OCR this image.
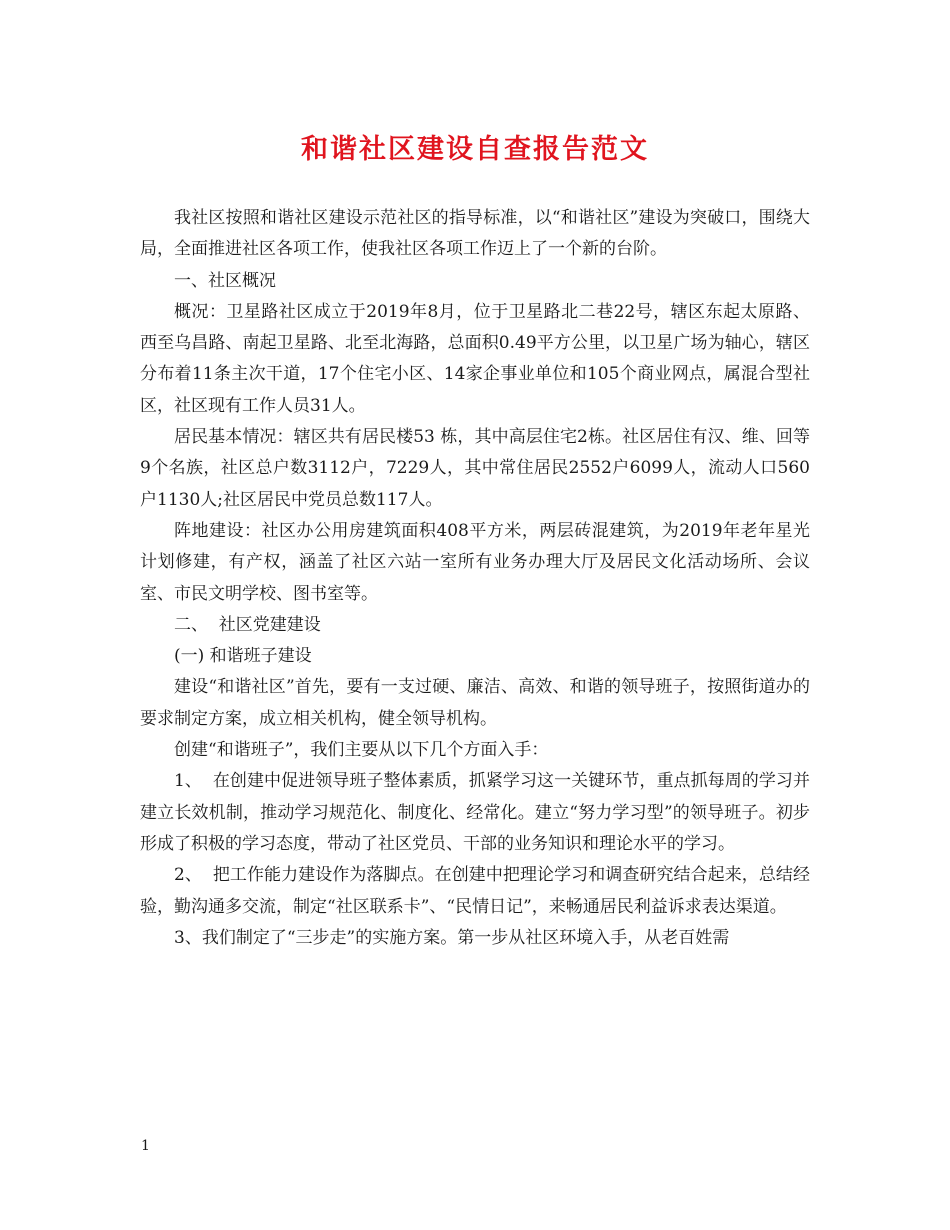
和谐社区建设自查报告范文

我社区按照和谐社区建设示范社区的指导标准，以“和谐社区”建设为突破口，围绕大局，全面推进社区各项工作，使我社区各项工作迈上了一个新的台阶。

一、社区概况

概况：卫星路社区成立于2019年8月，位于卫星路北二巷22号，辖区东起太原路、西至乌昌路、南起卫星路、北至北海路，总面积0.49平方公里，以卫星广场为轴心，辖区分布着11条主次干道，17个住宅小区、14家企事业单位和105个商业网点，属混合型社区，社区现有工作人员31人。

居民基本情况：辖区共有居民楼53 栋，其中高层住宅2栋。社区居住有汉、维、回等9个名族，社区总户数3112户，7229人，其中常住居民2552户6099人，流动人口560户1130人;社区居民中党员总数117人。

阵地建设：社区办公用房建筑面积408平方米，两层砖混建筑，为2019年老年星光计划修建，有产权，涵盖了社区六站一室所有业务办理大厅及居民文化活动场所、会议室、市民文明学校、图书室等。

二、  社区党建建设

(一) 和谐班子建设

建设“和谐社区”首先，要有一支过硬、廉洁、高效、和谐的领导班子，按照街道办的要求制定方案，成立相关机构，健全领导机构。

创建“和谐班子”，我们主要从以下几个方面入手：

1、  在创建中促进领导班子整体素质，抓紧学习这一关键环节，重点抓每周的学习并建立长效机制，推动学习规范化、制度化、经常化。建立“努力学习型”的领导班子。初步形成了积极的学习态度，带动了社区党员、干部的业务知识和理论水平的学习。

2、  把工作能力建设作为落脚点。在创建中把理论学习和调查研究结合起来，总结经验，勤沟通多交流，制定“社区联系卡”、“民情日记”，来畅通居民利益诉求表达渠道。

3、我们制定了“三步走”的实施方案。第一步从社区环境入手，从老百姓需

1
